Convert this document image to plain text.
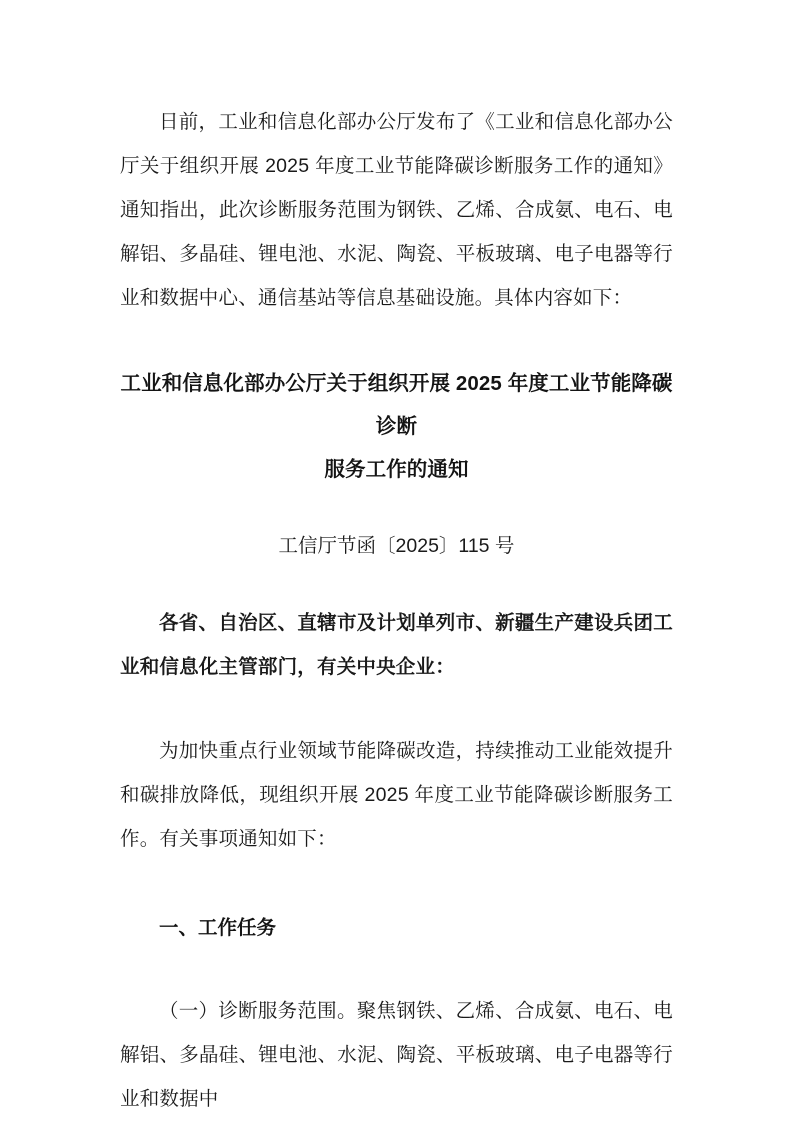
日前，工业和信息化部办公厅发布了《工业和信息化部办公厅关于组织开展 2025 年度工业节能降碳诊断服务工作的通知》通知指出，此次诊断服务范围为钢铁、乙烯、合成氨、电石、电解铝、多晶硅、锂电池、水泥、陶瓷、平板玻璃、电子电器等行业和数据中心、通信基站等信息基础设施。具体内容如下：

工业和信息化部办公厅关于组织开展 2025 年度工业节能降碳诊断
服务工作的通知

工信厅节函〔2025〕115 号

各省、自治区、直辖市及计划单列市、新疆生产建设兵团工业和信息化主管部门，有关中央企业：

为加快重点行业领域节能降碳改造，持续推动工业能效提升和碳排放降低，现组织开展 2025 年度工业节能降碳诊断服务工作。有关事项通知如下：

一、工作任务

（一）诊断服务范围。聚焦钢铁、乙烯、合成氨、电石、电解铝、多晶硅、锂电池、水泥、陶瓷、平板玻璃、电子电器等行业和数据中
